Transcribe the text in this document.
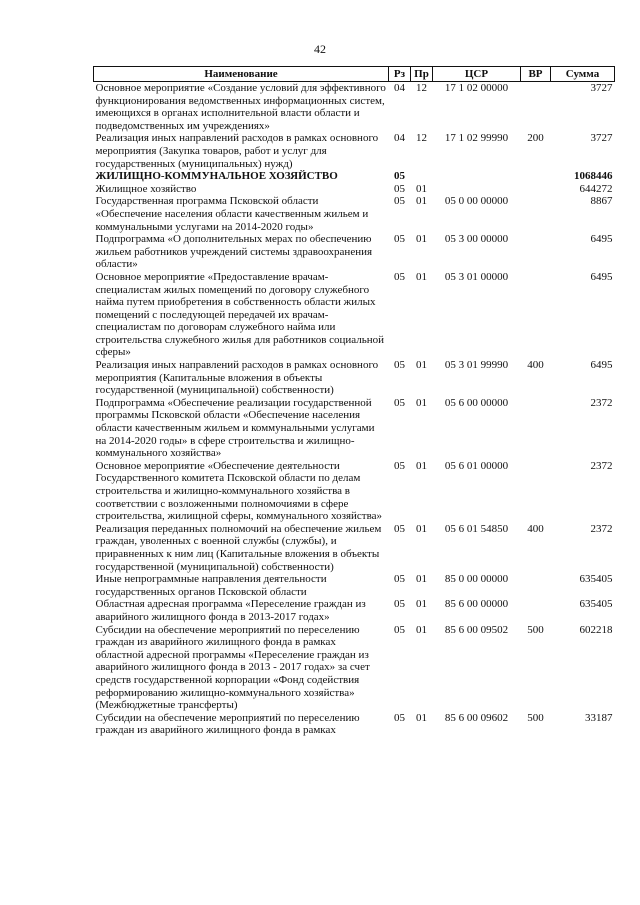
42
Наименование	Рз	Пр	ЦСР	ВР	Сумма
Основное мероприятие «Создание условий для эффективного функционирования ведомственных информационных систем, имеющихся в органах исполнительной власти области и подведомственных им учреждениях»	04	12	17 1 02 00000		3727
Реализация иных направлений расходов в рамках основного мероприятия (Закупка товаров, работ и услуг для государственных (муниципальных) нужд)	04	12	17 1 02 99990	200	3727
ЖИЛИЩНО-КОММУНАЛЬНОЕ ХОЗЯЙСТВО	05				1068446
Жилищное хозяйство	05	01			644272
Государственная программа Псковской области «Обеспечение населения области качественным жильем и коммунальными услугами на 2014-2020 годы»	05	01	05 0 00 00000		8867
Подпрограмма «О дополнительных мерах по обеспечению жильем работников учреждений системы здравоохранения области»	05	01	05 3 00 00000		6495
Основное мероприятие «Предоставление врачам-специалистам жилых помещений по договору служебного найма путем приобретения в собственность области жилых помещений с последующей передачей их врачам-специалистам по договорам служебного найма или строительства служебного жилья для работников социальной сферы»	05	01	05 3 01 00000		6495
Реализация иных направлений расходов в рамках основного мероприятия (Капитальные вложения в объекты государственной (муниципальной) собственности)	05	01	05 3 01 99990	400	6495
Подпрограмма «Обеспечение реализации государственной программы Псковской области «Обеспечение населения области качественным жильем и коммунальными услугами на 2014-2020 годы» в сфере строительства и жилищно-коммунального хозяйства»	05	01	05 6 00 00000		2372
Основное мероприятие «Обеспечение деятельности Государственного комитета Псковской области по делам строительства и жилищно-коммунального хозяйства в соответствии с возложенными полномочиями в сфере строительства, жилищной сферы, коммунального хозяйства»	05	01	05 6 01 00000		2372
Реализация переданных полномочий на обеспечение жильем граждан, уволенных с военной службы (службы), и приравненных к ним лиц (Капитальные вложения в объекты государственной (муниципальной) собственности)	05	01	05 6 01 54850	400	2372
Иные непрограммные направления деятельности государственных органов Псковской области	05	01	85 0 00 00000		635405
Областная адресная программа «Переселение граждан из аварийного жилищного фонда в 2013-2017 годах»	05	01	85 6 00 00000		635405
Субсидии на обеспечение мероприятий по переселению граждан из аварийного жилищного фонда в рамках областной адресной программы «Переселение граждан из аварийного жилищного фонда в 2013 - 2017 годах» за счет средств государственной корпорации «Фонд содействия реформированию жилищно-коммунального хозяйства» (Межбюджетные трансферты)	05	01	85 6 00 09502	500	602218
Субсидии на обеспечение мероприятий по переселению граждан из аварийного жилищного фонда в рамках	05	01	85 6 00 09602	500	33187
